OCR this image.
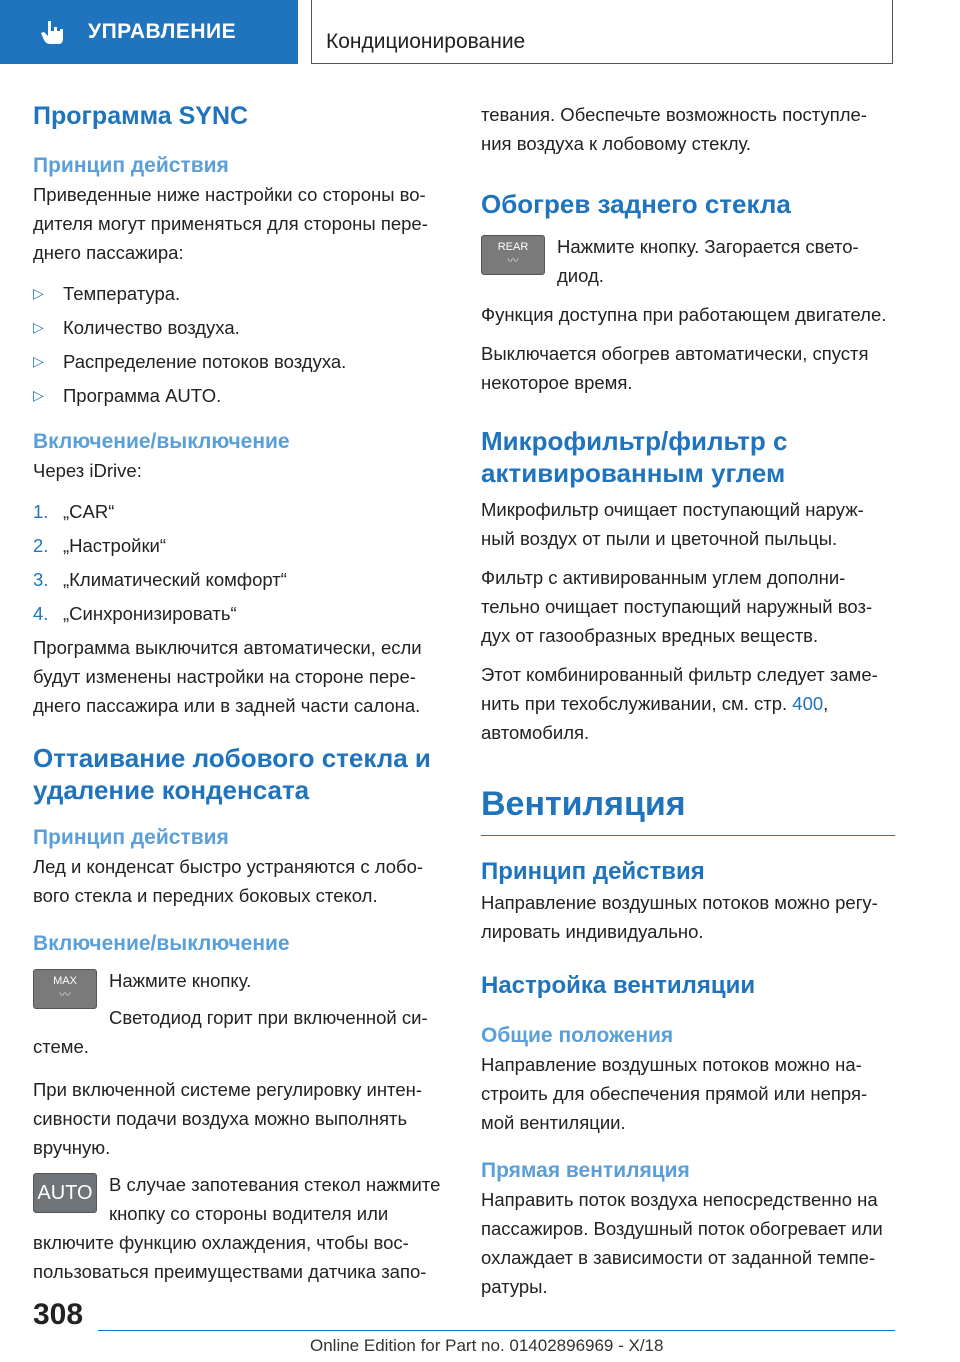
УПРАВЛЕНИЕ	Кондиционирование
Программа SYNC
Принцип действия

Приведенные ниже настройки со стороны во-дителя могут применяться для стороны пере-днего пассажира:

▷ Температура.
▷ Количество воздуха.
▷ Распределение потоков воздуха.
▷ Программа AUTO.
Включение/выключение

Через iDrive:

1. „CAR“
2. „Настройки“
3. „Климатический комфорт“
4. „Синхронизировать“

Программа выключится автоматически, если будут изменены настройки на стороне пере-днего пассажира или в задней части салона.

Оттаивание лобового стекла и удаление конденсата
Принцип действия

Лед и конденсат быстро устраняются с лобо-вого стекла и передних боковых стекол.

Включение/выключение
MAX
〰

Нажмите кнопку.

Светодиод горит при включенной си-стеме.

При включенной системе регулировку интен-сивности подачи воздуха можно выполнять вручную.

AUTO В случае запотевания стекол нажмите кнопку со стороны водителя или включите функцию охлаждения, чтобы вос-пользоваться преимуществами датчика запо-

тевания. Обеспечьте возможность поступле-ния воздуха к лобовому стеклу.

Обогрев заднего стекла
REAR
〰

Нажмите кнопку. Загорается свето-диод.

Функция доступна при работающем двигателе.

Выключается обогрев автоматически, спустя некоторое время.

Микрофильтр/фильтр с активированным углем

Микрофильтр очищает поступающий наруж-ный воздух от пыли и цветочной пыльцы.

Фильтр с активированным углем дополни-тельно очищает поступающий наружный воз-дух от газообразных вредных веществ.

Этот комбинированный фильтр следует заме-нить при техобслуживании, см. стр. 400, автомобиля.

Вентиляция
Принцип действия

Направление воздушных потоков можно регу-лировать индивидуально.

Настройка вентиляции
Общие положения

Направление воздушных потоков можно на-строить для обеспечения прямой или непря-мой вентиляции.

Прямая вентиляция

Направить поток воздуха непосредственно на пассажиров. Воздушный поток обогревает или охлаждает в зависимости от заданной темпе-ратуры.

308
Online Edition for Part no. 01402896969 - X/18
